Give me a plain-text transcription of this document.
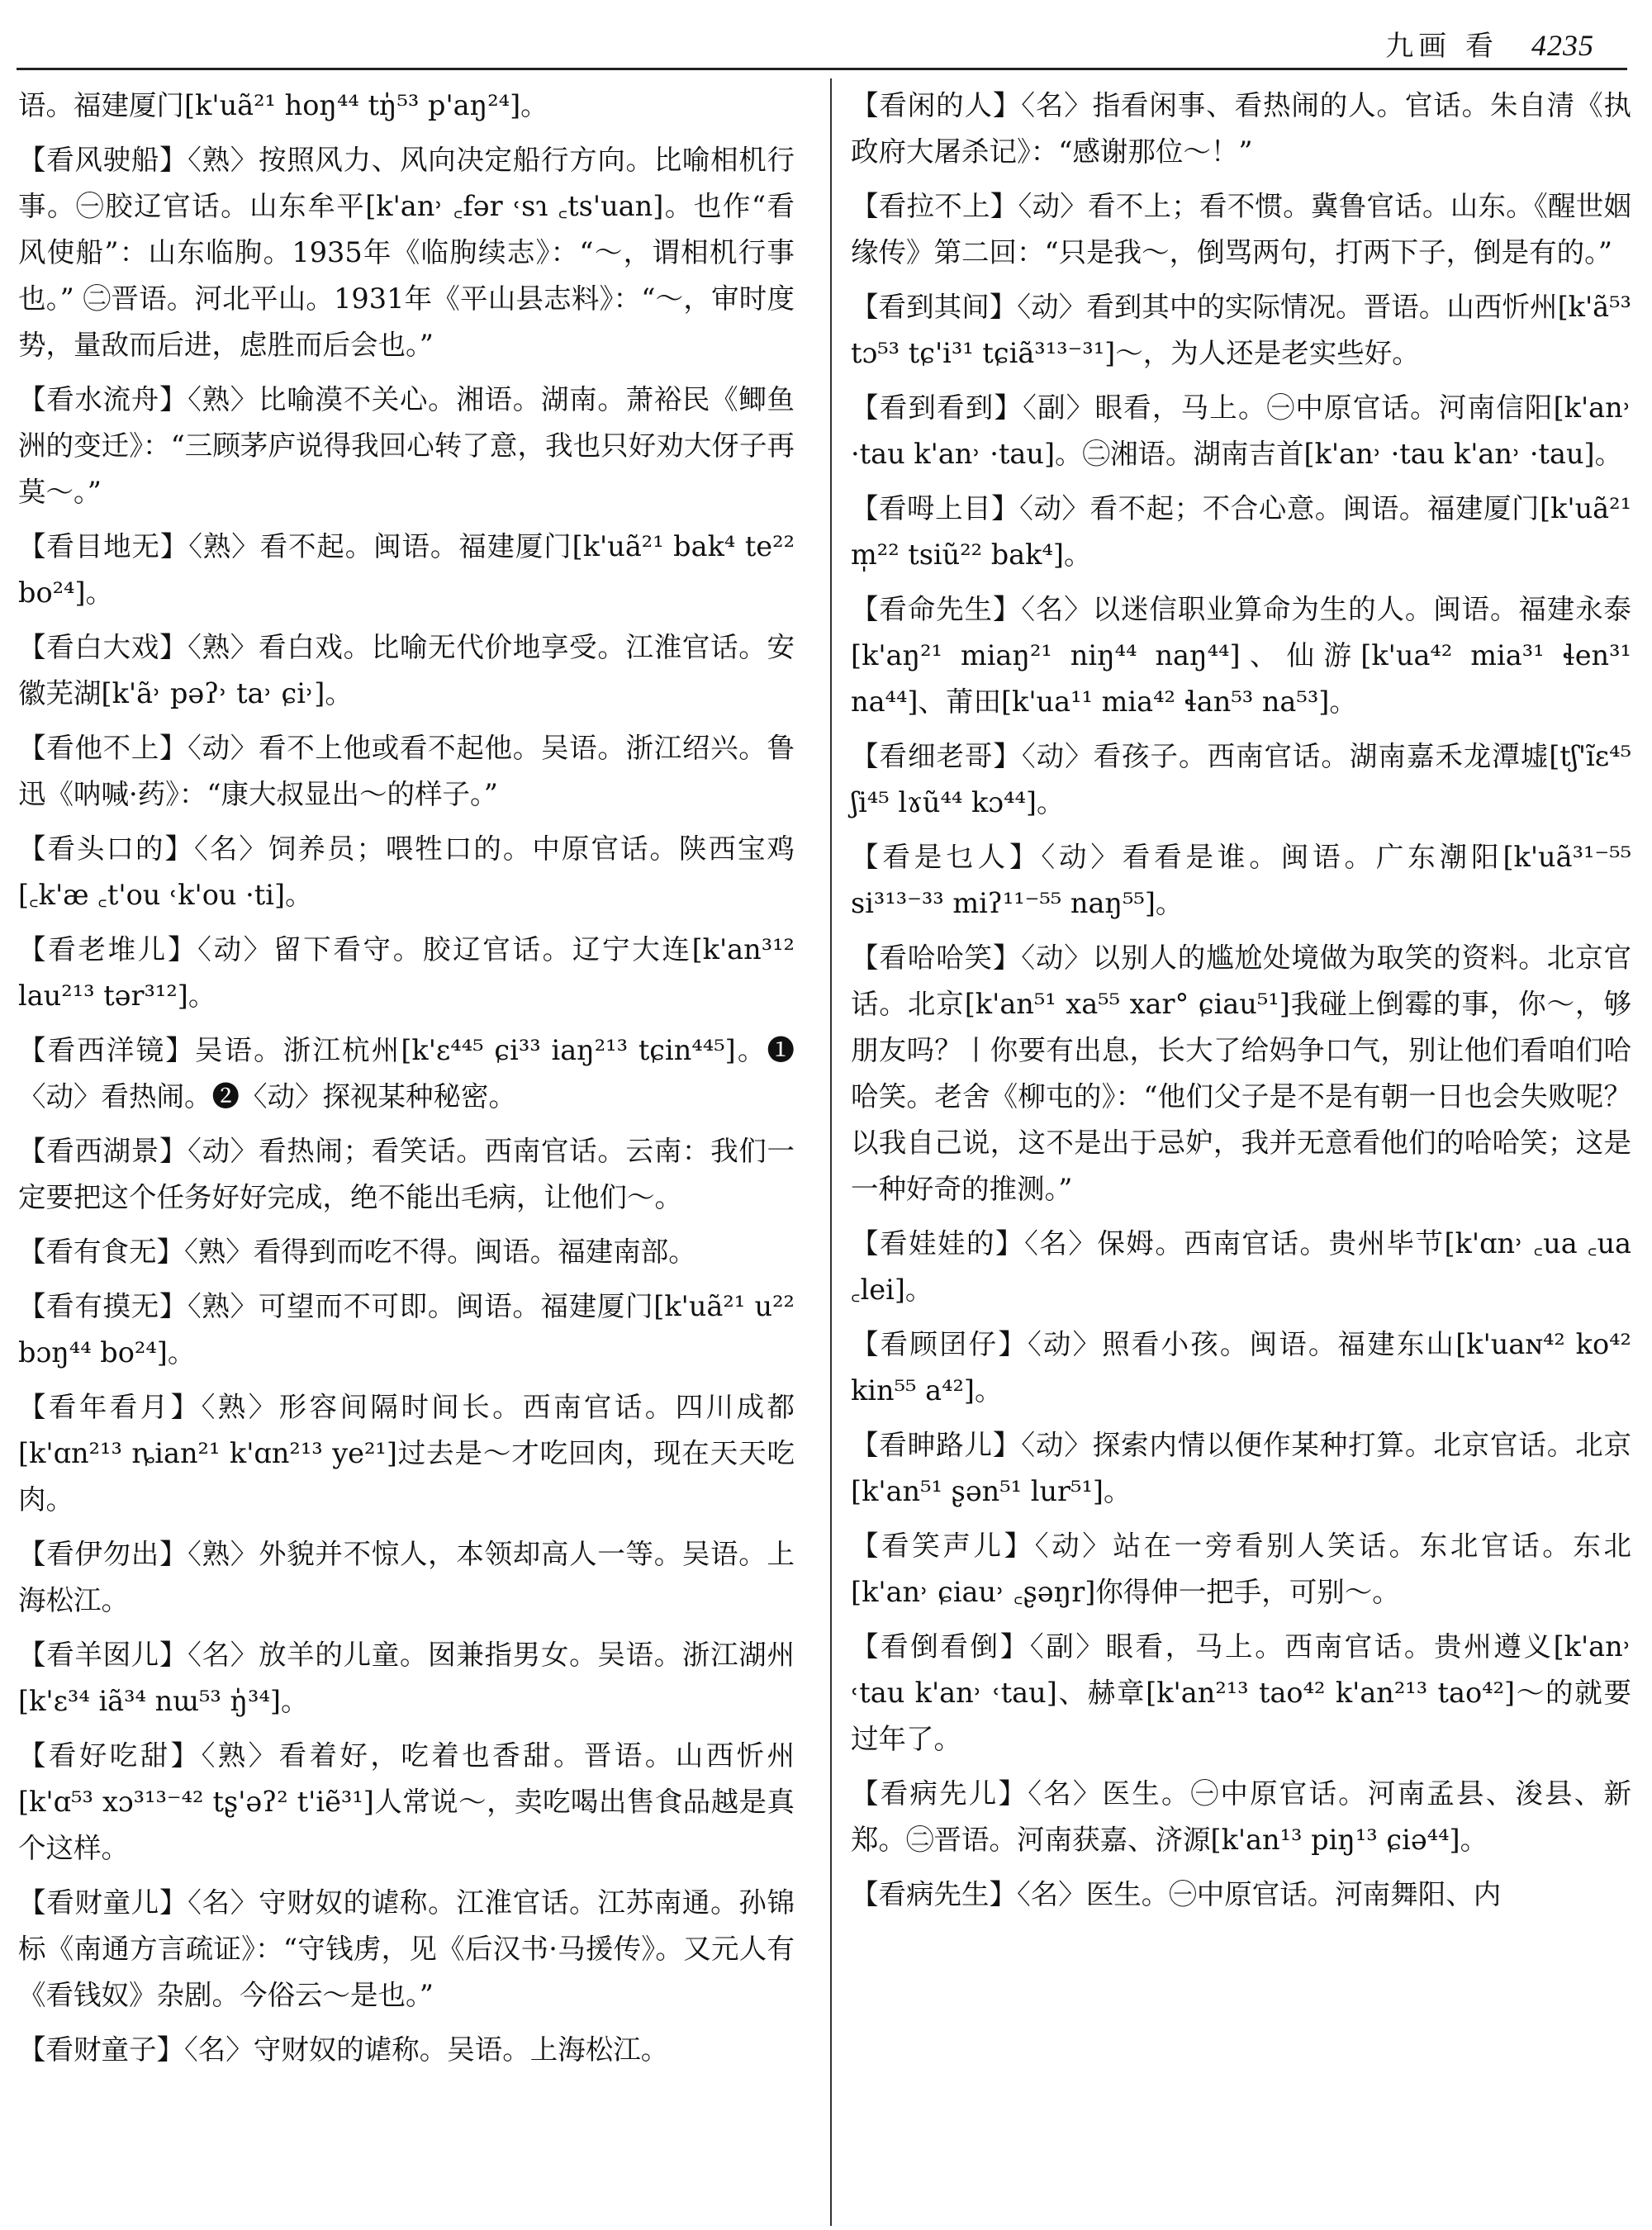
九画 看 4235

语。福建厦门[k'uã²¹ hoŋ⁴⁴ tŋ̍⁵³ p'aŋ²⁴]。

【看风驶船】〈熟〉按照风力、风向决定船行方向。比喻相机行事。㊀胶辽官话。山东牟平[k'an˒ ꜀fər ˓sɿ ꜀ts'uan]。也作“看风使船”：山东临朐。1935年《临朐续志》：“～，谓相机行事也。” ㊁晋语。河北平山。1931年《平山县志料》：“～，审时度势，量敌而后进，虑胜而后会也。”

【看水流舟】〈熟〉比喻漠不关心。湘语。湖南。萧裕民《鲫鱼洲的变迁》：“三顾茅庐说得我回心转了意，我也只好劝大伢子再莫～。”

【看目地无】〈熟〉看不起。闽语。福建厦门[k'uã²¹ bak⁴ te²² bo²⁴]。

【看白大戏】〈熟〉看白戏。比喻无代价地享受。江淮官话。安徽芜湖[k'ã˒ pəʔ˒ ta˒ ɕi˒]。

【看他不上】〈动〉看不上他或看不起他。吴语。浙江绍兴。鲁迅《呐喊·药》：“康大叔显出～的样子。”

【看头口的】〈名〉饲养员；喂牲口的。中原官话。陕西宝鸡[꜀k'æ ꜀t'ou ˓k'ou ·ti]。

【看老堆儿】〈动〉留下看守。胶辽官话。辽宁大连[k'an³¹² lau²¹³ tər³¹²]。

【看西洋镜】吴语。浙江杭州[k'ɛ⁴⁴⁵ ɕi³³ iaŋ²¹³ tɕin⁴⁴⁵]。❶〈动〉看热闹。❷〈动〉探视某种秘密。

【看西湖景】〈动〉看热闹；看笑话。西南官话。云南：我们一定要把这个任务好好完成，绝不能出毛病，让他们～。

【看有食无】〈熟〉看得到而吃不得。闽语。福建南部。

【看有摸无】〈熟〉可望而不可即。闽语。福建厦门[k'uã²¹ u²² bɔŋ⁴⁴ bo²⁴]。

【看年看月】〈熟〉形容间隔时间长。西南官话。四川成都[k'ɑn²¹³ ȵian²¹ k'ɑn²¹³ ye²¹]过去是～才吃回肉，现在天天吃肉。

【看伊勿出】〈熟〉外貌并不惊人，本领却高人一等。吴语。上海松江。

【看羊囡儿】〈名〉放羊的儿童。囡兼指男女。吴语。浙江湖州[k'ɛ³⁴ iã³⁴ nɯ⁵³ ŋ̍³⁴]。

【看好吃甜】〈熟〉看着好，吃着也香甜。晋语。山西忻州[k'ɑ⁵³ xɔ³¹³⁻⁴² tʂ'əʔ² t'iẽ³¹]人常说～，卖吃喝出售食品越是真个这样。

【看财童儿】〈名〉守财奴的谑称。江淮官话。江苏南通。孙锦标《南通方言疏证》：“守钱虏，见《后汉书·马援传》。又元人有《看钱奴》杂剧。今俗云～是也。”

【看财童子】〈名〉守财奴的谑称。吴语。上海松江。

【看闲的人】〈名〉指看闲事、看热闹的人。官话。朱自清《执政府大屠杀记》：“感谢那位～！”

【看拉不上】〈动〉看不上；看不惯。冀鲁官话。山东。《醒世姻缘传》第二回：“只是我～，倒骂两句，打两下子，倒是有的。”

【看到其间】〈动〉看到其中的实际情况。晋语。山西忻州[k'ã⁵³ tɔ⁵³ tɕ'i³¹ tɕiã³¹³⁻³¹]～，为人还是老实些好。

【看到看到】〈副〉眼看，马上。㊀中原官话。河南信阳[k'an˒ ·tau k'an˒ ·tau]。㊁湘语。湖南吉首[k'an˒ ·tau k'an˒ ·tau]。

【看呣上目】〈动〉看不起；不合心意。闽语。福建厦门[k'uã²¹ m̩²² tsiũ²² bak⁴]。

【看命先生】〈名〉以迷信职业算命为生的人。闽语。福建永泰[k'aŋ²¹ miaŋ²¹ niŋ⁴⁴ naŋ⁴⁴]、仙游[k'ua⁴² mia³¹ ɬen³¹ na⁴⁴]、莆田[k'ua¹¹ mia⁴² ɬan⁵³ na⁵³]。

【看细老哥】〈动〉看孩子。西南官话。湖南嘉禾龙潭墟[tʃ'ĩɛ⁴⁵ ʃi⁴⁵ lɤũ⁴⁴ kɔ⁴⁴]。

【看是乜人】〈动〉看看是谁。闽语。广东潮阳[k'uã³¹⁻⁵⁵ si³¹³⁻³³ miʔ¹¹⁻⁵⁵ naŋ⁵⁵]。

【看哈哈笑】〈动〉以别人的尴尬处境做为取笑的资料。北京官话。北京[k'an⁵¹ xa⁵⁵ xar° ɕiau⁵¹]我碰上倒霉的事，你～，够朋友吗？丨你要有出息，长大了给妈争口气，别让他们看咱们哈哈笑。老舍《柳屯的》：“他们父子是不是有朝一日也会失败呢？以我自己说，这不是出于忌妒，我并无意看他们的哈哈笑；这是一种好奇的推测。”

【看娃娃的】〈名〉保姆。西南官话。贵州毕节[k'ɑn˒ ꜀ua ꜀ua ꜀lei]。

【看顾囝仔】〈动〉照看小孩。闽语。福建东山[k'uaɴ⁴² ko⁴² kin⁵⁵ a⁴²]。

【看眒路儿】〈动〉探索内情以便作某种打算。北京官话。北京[k'an⁵¹ ʂən⁵¹ lur⁵¹]。

【看笑声儿】〈动〉站在一旁看别人笑话。东北官话。东北[k'an˒ ɕiau˒ ꜀ʂəŋr]你得伸一把手，可别～。

【看倒看倒】〈副〉眼看，马上。西南官话。贵州遵义[k'an˒ ˓tau k'an˒ ˓tau]、赫章[k'an²¹³ tao⁴² k'an²¹³ tao⁴²]～的就要过年了。

【看病先儿】〈名〉医生。㊀中原官话。河南孟县、浚县、新郑。㊁晋语。河南获嘉、济源[k'an¹³ piŋ¹³ ɕiə⁴⁴]。

【看病先生】〈名〉医生。㊀中原官话。河南舞阳、内
